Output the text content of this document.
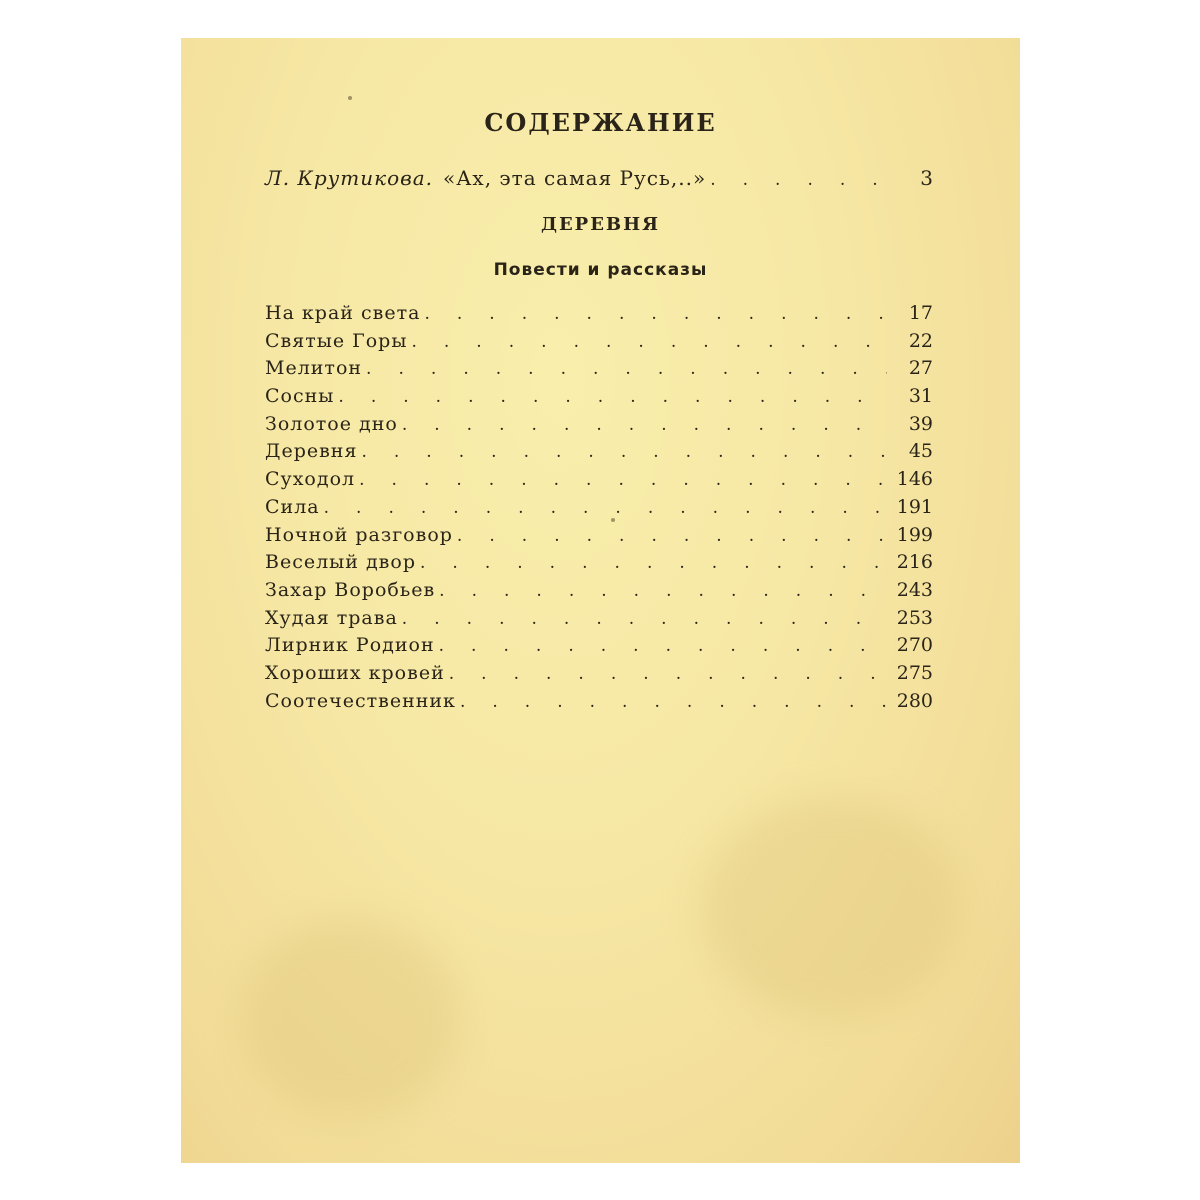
СОДЕРЖАНИЕ
Л. Крутикова. «Ах, эта самая Русь,..» .	3
ДЕРЕВНЯ
Повести и рассказы
На край света .	17
Святые Горы .	22
Мелитон .	27
Сосны .	31
Золотое дно .	39
Деревня .	45
Суходол .	146
Сила .	191
Ночной разговор .	199
Веселый двор .	216
Захар Воробьев .	243
Худая трава .	253
Лирник Родион .	270
Хороших кровей .	275
Соотечественник .	280
